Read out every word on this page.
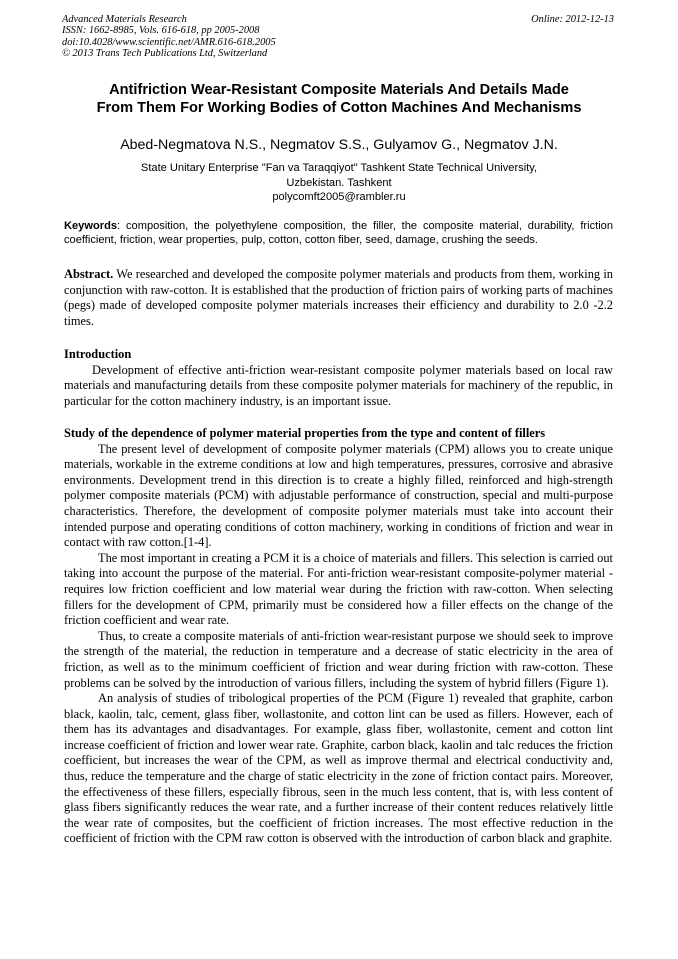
Advanced Materials Research
ISSN: 1662-8985, Vols. 616-618, pp 2005-2008
doi:10.4028/www.scientific.net/AMR.616-618.2005
© 2013 Trans Tech Publications Ltd, Switzerland
Online: 2012-12-13
Antifriction Wear-Resistant Composite Materials And Details Made
From Them For Working Bodies of Cotton Machines And Mechanisms
Abed-Negmatova N.S., Negmatov S.S., Gulyamov G., Negmatov J.N.
State Unitary Enterprise "Fan va Taraqqiyot" Tashkent State Technical University,
Uzbekistan. Tashkent
polycomft2005@rambler.ru
Keywords: composition, the polyethylene composition, the filler, the composite material, durability, friction coefficient, friction, wear properties, pulp, cotton, cotton fiber, seed, damage, crushing the seeds.

Abstract. We researched and developed the composite polymer materials and products from them, working in conjunction with raw-cotton. It is established that the production of friction pairs of working parts of machines (pegs) made of developed composite polymer materials increases their efficiency and durability to 2.0 -2.2 times.

Introduction

Development of effective anti-friction wear-resistant composite polymer materials based on local raw materials and manufacturing details from these composite polymer materials for machinery of the republic, in particular for the cotton machinery industry, is an important issue.

Study of the dependence of polymer material properties from the type and content of fillers

The present level of development of composite polymer materials (CPM) allows you to create unique materials, workable in the extreme conditions at low and high temperatures, pressures, corrosive and abrasive environments. Development trend in this direction is to create a highly filled, reinforced and high-strength polymer composite materials (PCM) with adjustable performance of construction, special and multi-purpose characteristics. Therefore, the development of composite polymer materials must take into account their intended purpose and operating conditions of cotton machinery, working in conditions of friction and wear in contact with raw cotton.[1-4].

The most important in creating a PCM it is a choice of materials and fillers. This selection is carried out taking into account the purpose of the material. For anti-friction wear-resistant composite-polymer material - requires low friction coefficient and low material wear during the friction with raw-cotton. When selecting fillers for the development of CPM, primarily must be considered how a filler effects on the change of the friction coefficient and wear rate.

Thus, to create a composite materials of anti-friction wear-resistant purpose we should seek to improve the strength of the material, the reduction in temperature and a decrease of static electricity in the area of friction, as well as to the minimum coefficient of friction and wear during friction with raw-cotton. These problems can be solved by the introduction of various fillers, including the system of hybrid fillers (Figure 1).

An analysis of studies of tribological properties of the PCM (Figure 1) revealed that graphite, carbon black, kaolin, talc, cement, glass fiber, wollastonite, and cotton lint can be used as fillers. However, each of them has its advantages and disadvantages. For example, glass fiber, wollastonite, cement and cotton lint increase coefficient of friction and lower wear rate. Graphite, carbon black, kaolin and talc reduces the friction coefficient, but increases the wear of the CPM, as well as improve thermal and electrical conductivity and, thus, reduce the temperature and the charge of static electricity in the zone of friction contact pairs. Moreover, the effectiveness of these fillers, especially fibrous, seen in the much less content, that is, with less content of glass fibers significantly reduces the wear rate, and a further increase of their content reduces relatively little the wear rate of composites, but the coefficient of friction increases. The most effective reduction in the coefficient of friction with the CPM raw cotton is observed with the introduction of carbon black and graphite.
